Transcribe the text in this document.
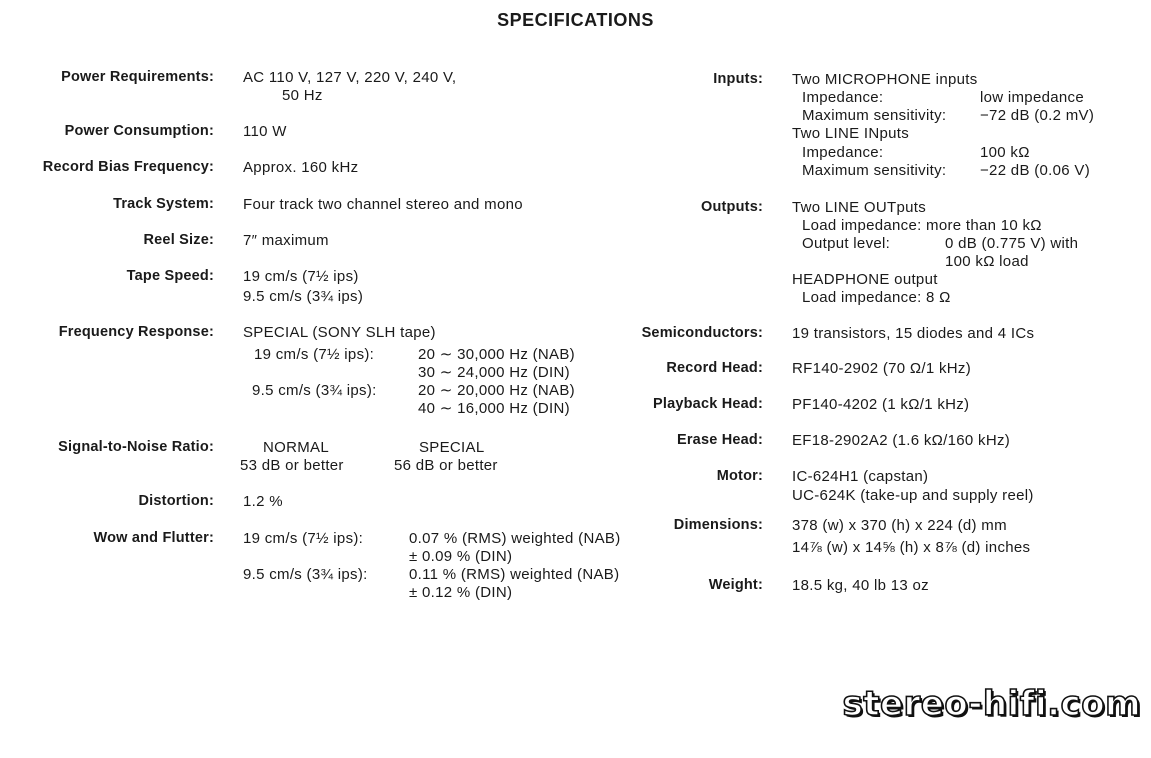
SPECIFICATIONS
Power Requirements: AC 110 V, 127 V, 220 V, 240 V,
50 Hz
Power Consumption: 110 W
Record Bias Frequency: Approx. 160 kHz
Track System: Four track two channel stereo and mono
Reel Size: 7″ maximum
Tape Speed: 19 cm/s (7½ ips)
9.5 cm/s (3¾ ips)
Frequency Response: SPECIAL (SONY SLH tape)
19 cm/s (7½ ips):	20 ∼ 30,000 Hz (NAB)
30 ∼ 24,000 Hz (DIN)
9.5 cm/s (3¾ ips):	20 ∼ 20,000 Hz (NAB)
40 ∼ 16,000 Hz (DIN)
Signal-to-Noise Ratio:	NORMAL	SPECIAL
53 dB or better	56 dB or better
Distortion: 1.2 %
Wow and Flutter: 19 cm/s (7½ ips):	0.07 % (RMS) weighted (NAB)
± 0.09 % (DIN)
9.5 cm/s (3¾ ips):	0.11 % (RMS) weighted (NAB)
± 0.12 % (DIN)
Inputs: Two MICROPHONE inputs
Impedance:	low impedance
Maximum sensitivity: −72 dB (0.2 mV)
Two LINE INputs
Impedance:	100 kΩ
Maximum sensitivity: −22 dB (0.06 V)
Outputs: Two LINE OUTputs
Load impedance: more than 10 kΩ
Output level:	0 dB (0.775 V) with
100 kΩ load
HEADPHONE output
Load impedance: 8 Ω
Semiconductors: 19 transistors, 15 diodes and 4 ICs
Record Head: RF140-2902 (70 Ω/1 kHz)
Playback Head: PF140-4202 (1 kΩ/1 kHz)
Erase Head: EF18-2902A2 (1.6 kΩ/160 kHz)
Motor: IC-624H1 (capstan)
UC-624K (take-up and supply reel)
Dimensions: 378 (w) x 370 (h) x 224 (d) mm
14⅞ (w) x 14⅝ (h) x 8⅞ (d) inches
Weight: 18.5 kg, 40 lb 13 oz
stereo-hifi.com
